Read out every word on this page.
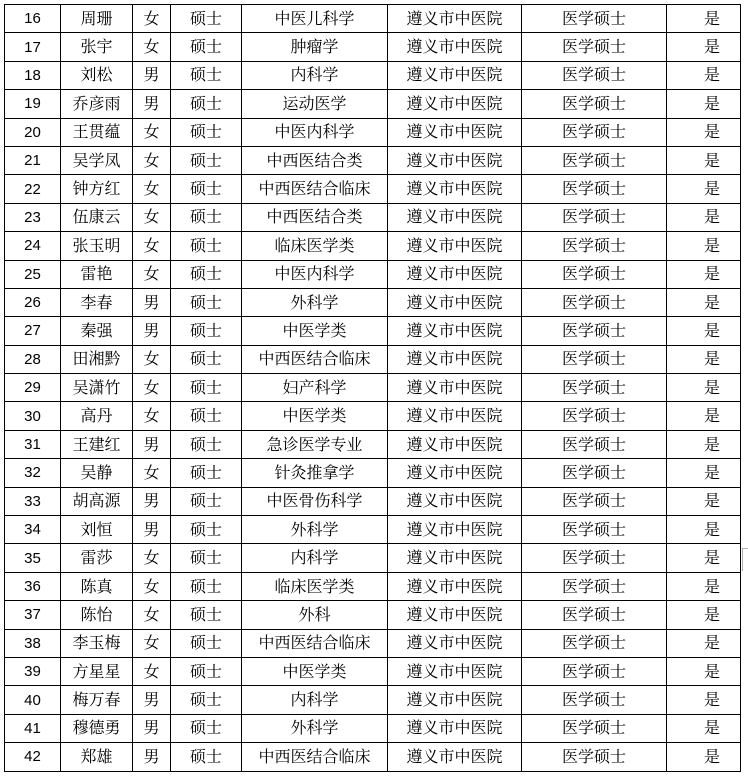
16	周珊	女	硕士	中医儿科学	遵义市中医院	医学硕士	是
17	张宇	女	硕士	肿瘤学	遵义市中医院	医学硕士	是
18	刘松	男	硕士	内科学	遵义市中医院	医学硕士	是
19	乔彦雨	男	硕士	运动医学	遵义市中医院	医学硕士	是
20	王贯蕴	女	硕士	中医内科学	遵义市中医院	医学硕士	是
21	吴学凤	女	硕士	中西医结合类	遵义市中医院	医学硕士	是
22	钟方红	女	硕士	中西医结合临床	遵义市中医院	医学硕士	是
23	伍康云	女	硕士	中西医结合类	遵义市中医院	医学硕士	是
24	张玉明	女	硕士	临床医学类	遵义市中医院	医学硕士	是
25	雷艳	女	硕士	中医内科学	遵义市中医院	医学硕士	是
26	李春	男	硕士	外科学	遵义市中医院	医学硕士	是
27	秦强	男	硕士	中医学类	遵义市中医院	医学硕士	是
28	田湘黔	女	硕士	中西医结合临床	遵义市中医院	医学硕士	是
29	吴潇竹	女	硕士	妇产科学	遵义市中医院	医学硕士	是
30	高丹	女	硕士	中医学类	遵义市中医院	医学硕士	是
31	王建红	男	硕士	急诊医学专业	遵义市中医院	医学硕士	是
32	吴静	女	硕士	针灸推拿学	遵义市中医院	医学硕士	是
33	胡高源	男	硕士	中医骨伤科学	遵义市中医院	医学硕士	是
34	刘恒	男	硕士	外科学	遵义市中医院	医学硕士	是
35	雷莎	女	硕士	内科学	遵义市中医院	医学硕士	是
36	陈真	女	硕士	临床医学类	遵义市中医院	医学硕士	是
37	陈怡	女	硕士	外科	遵义市中医院	医学硕士	是
38	李玉梅	女	硕士	中西医结合临床	遵义市中医院	医学硕士	是
39	方星星	女	硕士	中医学类	遵义市中医院	医学硕士	是
40	梅万春	男	硕士	内科学	遵义市中医院	医学硕士	是
41	穆德勇	男	硕士	外科学	遵义市中医院	医学硕士	是
42	郑雄	男	硕士	中西医结合临床	遵义市中医院	医学硕士	是
